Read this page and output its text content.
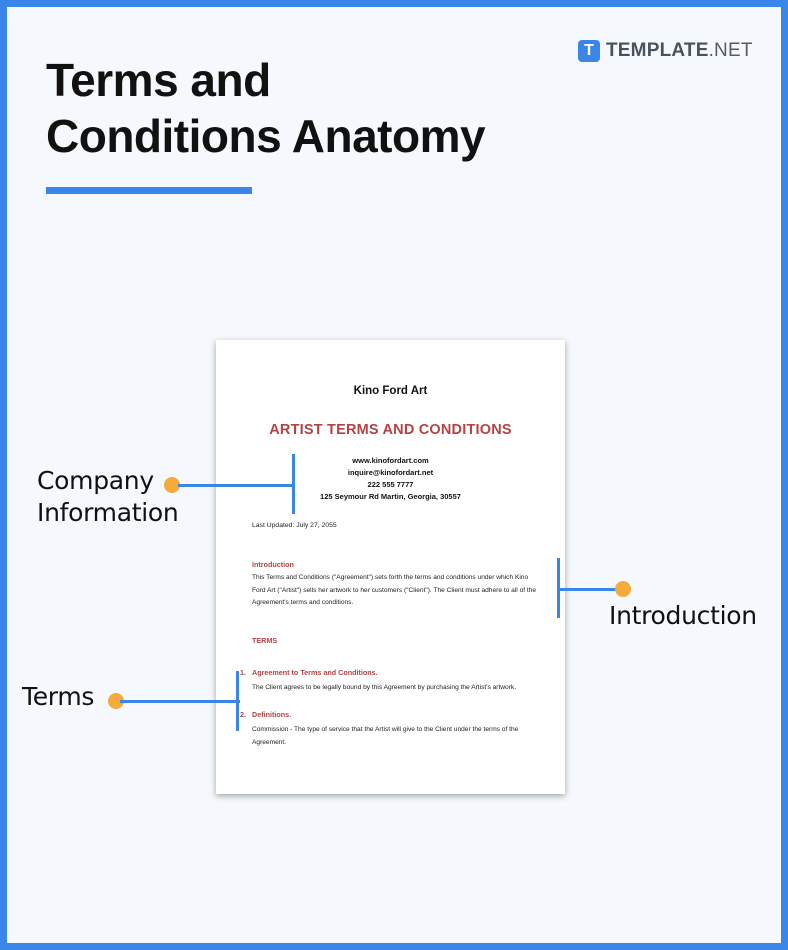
Terms and
Conditions Anatomy
T TEMPLATE.NET
Kino Ford Art
ARTIST TERMS AND CONDITIONS
www.kinofordart.com
inquire@kinofordart.net
222 555 7777
125 Seymour Rd Martin, Georgia, 30557
Last Updated: July 27, 2055
Introduction
This Terms and Conditions ("Agreement") sets forth the terms and conditions under which Kino Ford Art ("Artist") sells her artwork to her customers ("Client"). The Client must adhere to all of the Agreement's terms and conditions.
TERMS
1. Agreement to Terms and Conditions.
The Client agrees to be legally bound by this Agreement by purchasing the Artist's artwork.
2. Definitions.
Commission - The type of service that the Artist will give to the Client under the terms of the Agreement.
Company
Information
Introduction
Terms
